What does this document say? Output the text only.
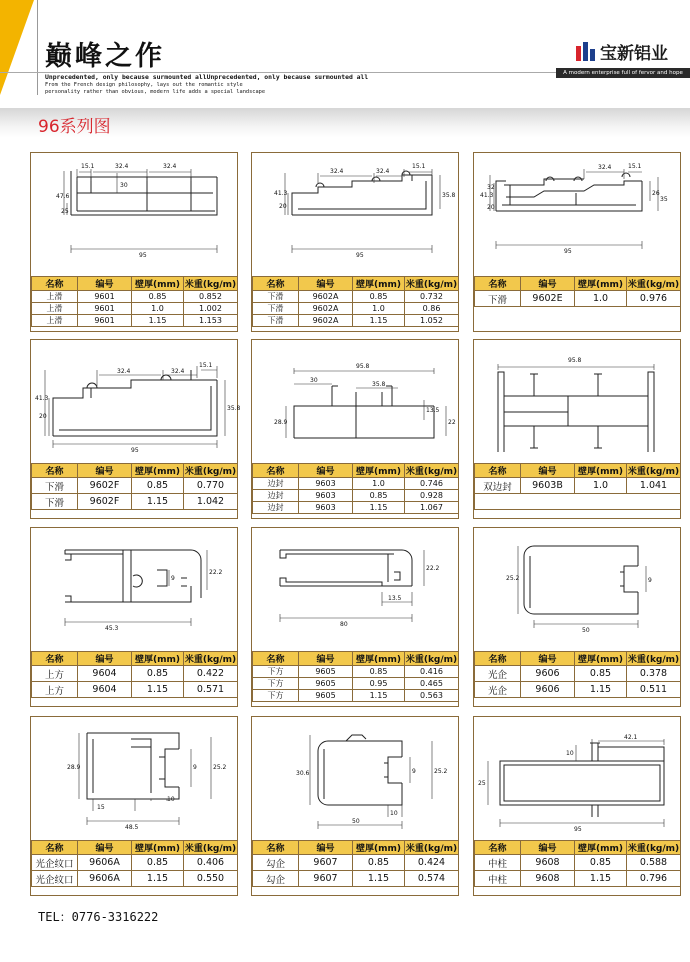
巅峰之作
Unprecedented, only because surmounted allUnprecedented, only because surmounted all
From the French design philosophy, lays out the romantic style personality rather than obvious, modern life adds a special landscape
宝新铝业
A modern enterprise full of fervor and hope
96系列图
15.1	32.4	32.4
30
47.6
25
95
名称	编号	壁厚(mm)	米重(kg/m)
上滑	9601	0.85	0.852
上滑	9601	1.0	1.002
上滑	9601	1.15	1.153
32.4	32.4
15.1
41.3
20
35.8
95
名称	编号	壁厚(mm)	米重(kg/m)
下滑	9602A	0.85	0.732
下滑	9602A	1.0	0.86
下滑	9602A	1.15	1.052
32.4	15.1
41.3
32
20
26
35
95
名称	编号	壁厚(mm)	米重(kg/m)
下滑	9602E	1.0	0.976
32.4	32.4
15.1
41.3
20
35.8
95
名称	编号	壁厚(mm)	米重(kg/m)
下滑	9602F	0.85	0.770
下滑	9602F	1.15	1.042
95.8
30
35.8
28.9
13.5
22
名称	编号	壁厚(mm)	米重(kg/m)
边封	9603	1.0	0.746
边封	9603	0.85	0.928
边封	9603	1.15	1.067
95.8
名称	编号	壁厚(mm)	米重(kg/m)
双边封	9603B	1.0	1.041

9
22.2
45.3
名称	编号	壁厚(mm)	米重(kg/m)
上方	9604	0.85	0.422
上方	9604	1.15	0.571
22.2
13.5
80
名称	编号	壁厚(mm)	米重(kg/m)
下方	9605	0.85	0.416
下方	9605	0.95	0.465
下方	9605	1.15	0.563
25.2	9
50
名称	编号	壁厚(mm)	米重(kg/m)
光企	9606	0.85	0.378
光企	9606	1.15	0.511
28.9	9	25.2
15
10
48.5
名称	编号	壁厚(mm)	米重(kg/m)
光企纹口	9606A	0.85	0.406
光企纹口	9606A	1.15	0.550
30.6	9	25.2
10
50
名称	编号	壁厚(mm)	米重(kg/m)
勾企	9607	0.85	0.424
勾企	9607	1.15	0.574
42.1
10
25
95
名称	编号	壁厚(mm)	米重(kg/m)
中柱	9608	0.85	0.588
中柱	9608	1.15	0.796
TEL：0776-3316222
